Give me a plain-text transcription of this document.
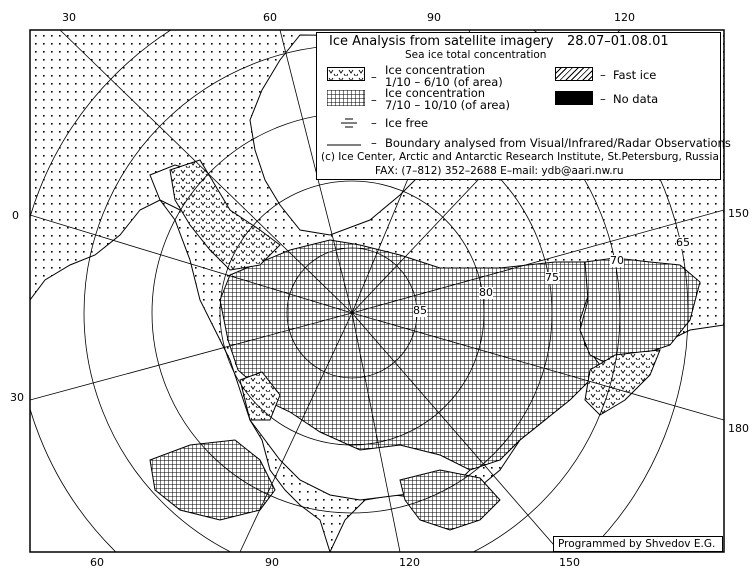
30	60	90	120
60	90	120	150
0
30
150
180
85
80
75
70
65
Ice Analysis from satellite imagery 28.07–01.08.01
Sea ice total concentration
– Ice concentration
1/10 – 6/10 (of area)	– Fast ice
– Ice concentration
7/10 – 10/10 (of area)	– No data
– Ice free
– Boundary analysed from Visual/Infrared/Radar Observations
(c) Ice Center, Arctic and Antarctic Research Institute, St.Petersburg, Russia
FAX: (7–812) 352–2688 E–mail: ydb@aari.nw.ru
Programmed by Shvedov E.G.
